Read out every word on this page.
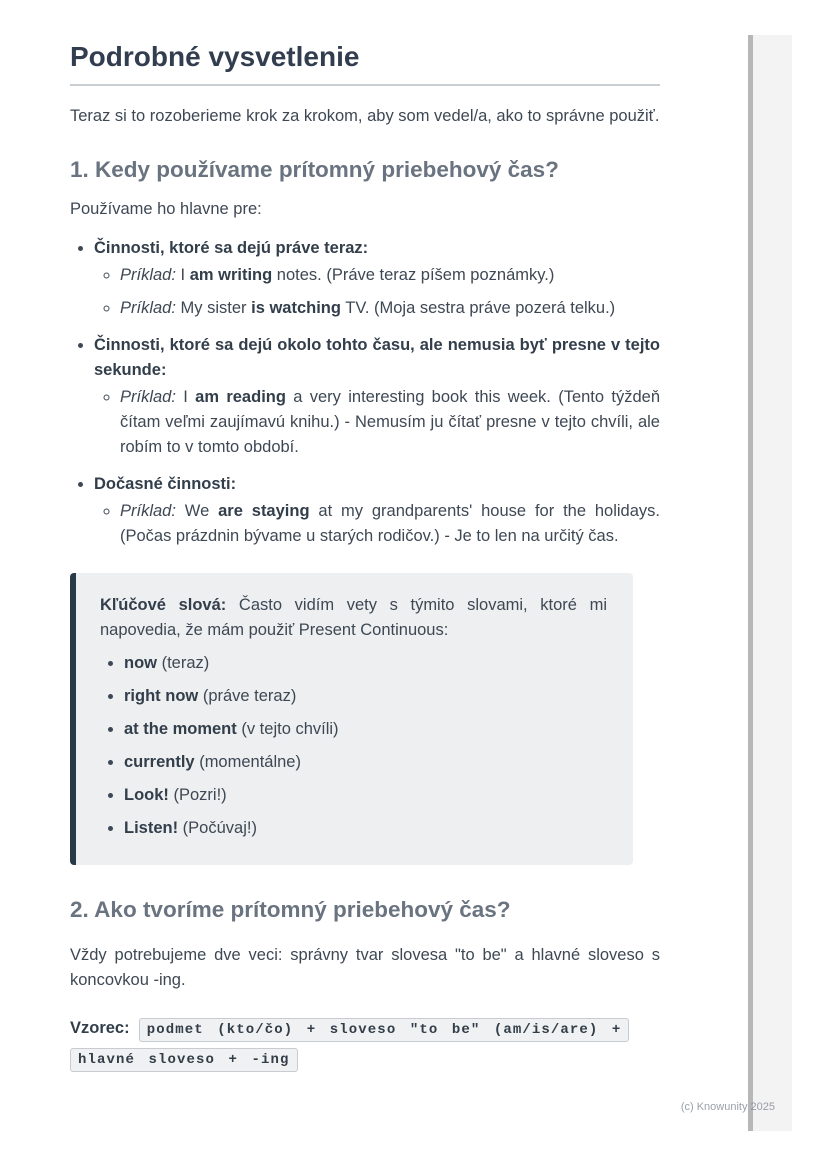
Podrobné vysvetlenie

Teraz si to rozoberieme krok za krokom, aby som vedel/a, ako to správne použiť.

1. Kedy používame prítomný priebehový čas?

Používame ho hlavne pre:

• Činnosti, ktoré sa dejú práve teraz:
◦ Príklad: I am writing notes. (Práve teraz píšem poznámky.)
◦ Príklad: My sister is watching TV. (Moja sestra práve pozerá telku.)
• Činnosti, ktoré sa dejú okolo tohto času, ale nemusia byť presne v tejto sekunde:
◦ Príklad: I am reading a very interesting book this week. (Tento týždeň čítam veľmi zaujímavú knihu.) - Nemusím ju čítať presne v tejto chvíli, ale robím to v tomto období.
• Dočasné činnosti:
◦ Príklad: We are staying at my grandparents' house for the holidays. (Počas prázdnin bývame u starých rodičov.) - Je to len na určitý čas.

Kľúčové slová: Často vidím vety s týmito slovami, ktoré mi napovedia, že mám použiť Present Continuous:

• now (teraz)
• right now (práve teraz)
• at the moment (v tejto chvíli)
• currently (momentálne)
• Look! (Pozri!)
• Listen! (Počúvaj!)
2. Ako tvoríme prítomný priebehový čas?

Vždy potrebujeme dve veci: správny tvar slovesa "to be" a hlavné sloveso s koncovkou -ing.

Vzorec: podmet (kto/čo) + sloveso "to be" (am/is/are) + hlavné sloveso + -ing

(c) Knowunity 2025
